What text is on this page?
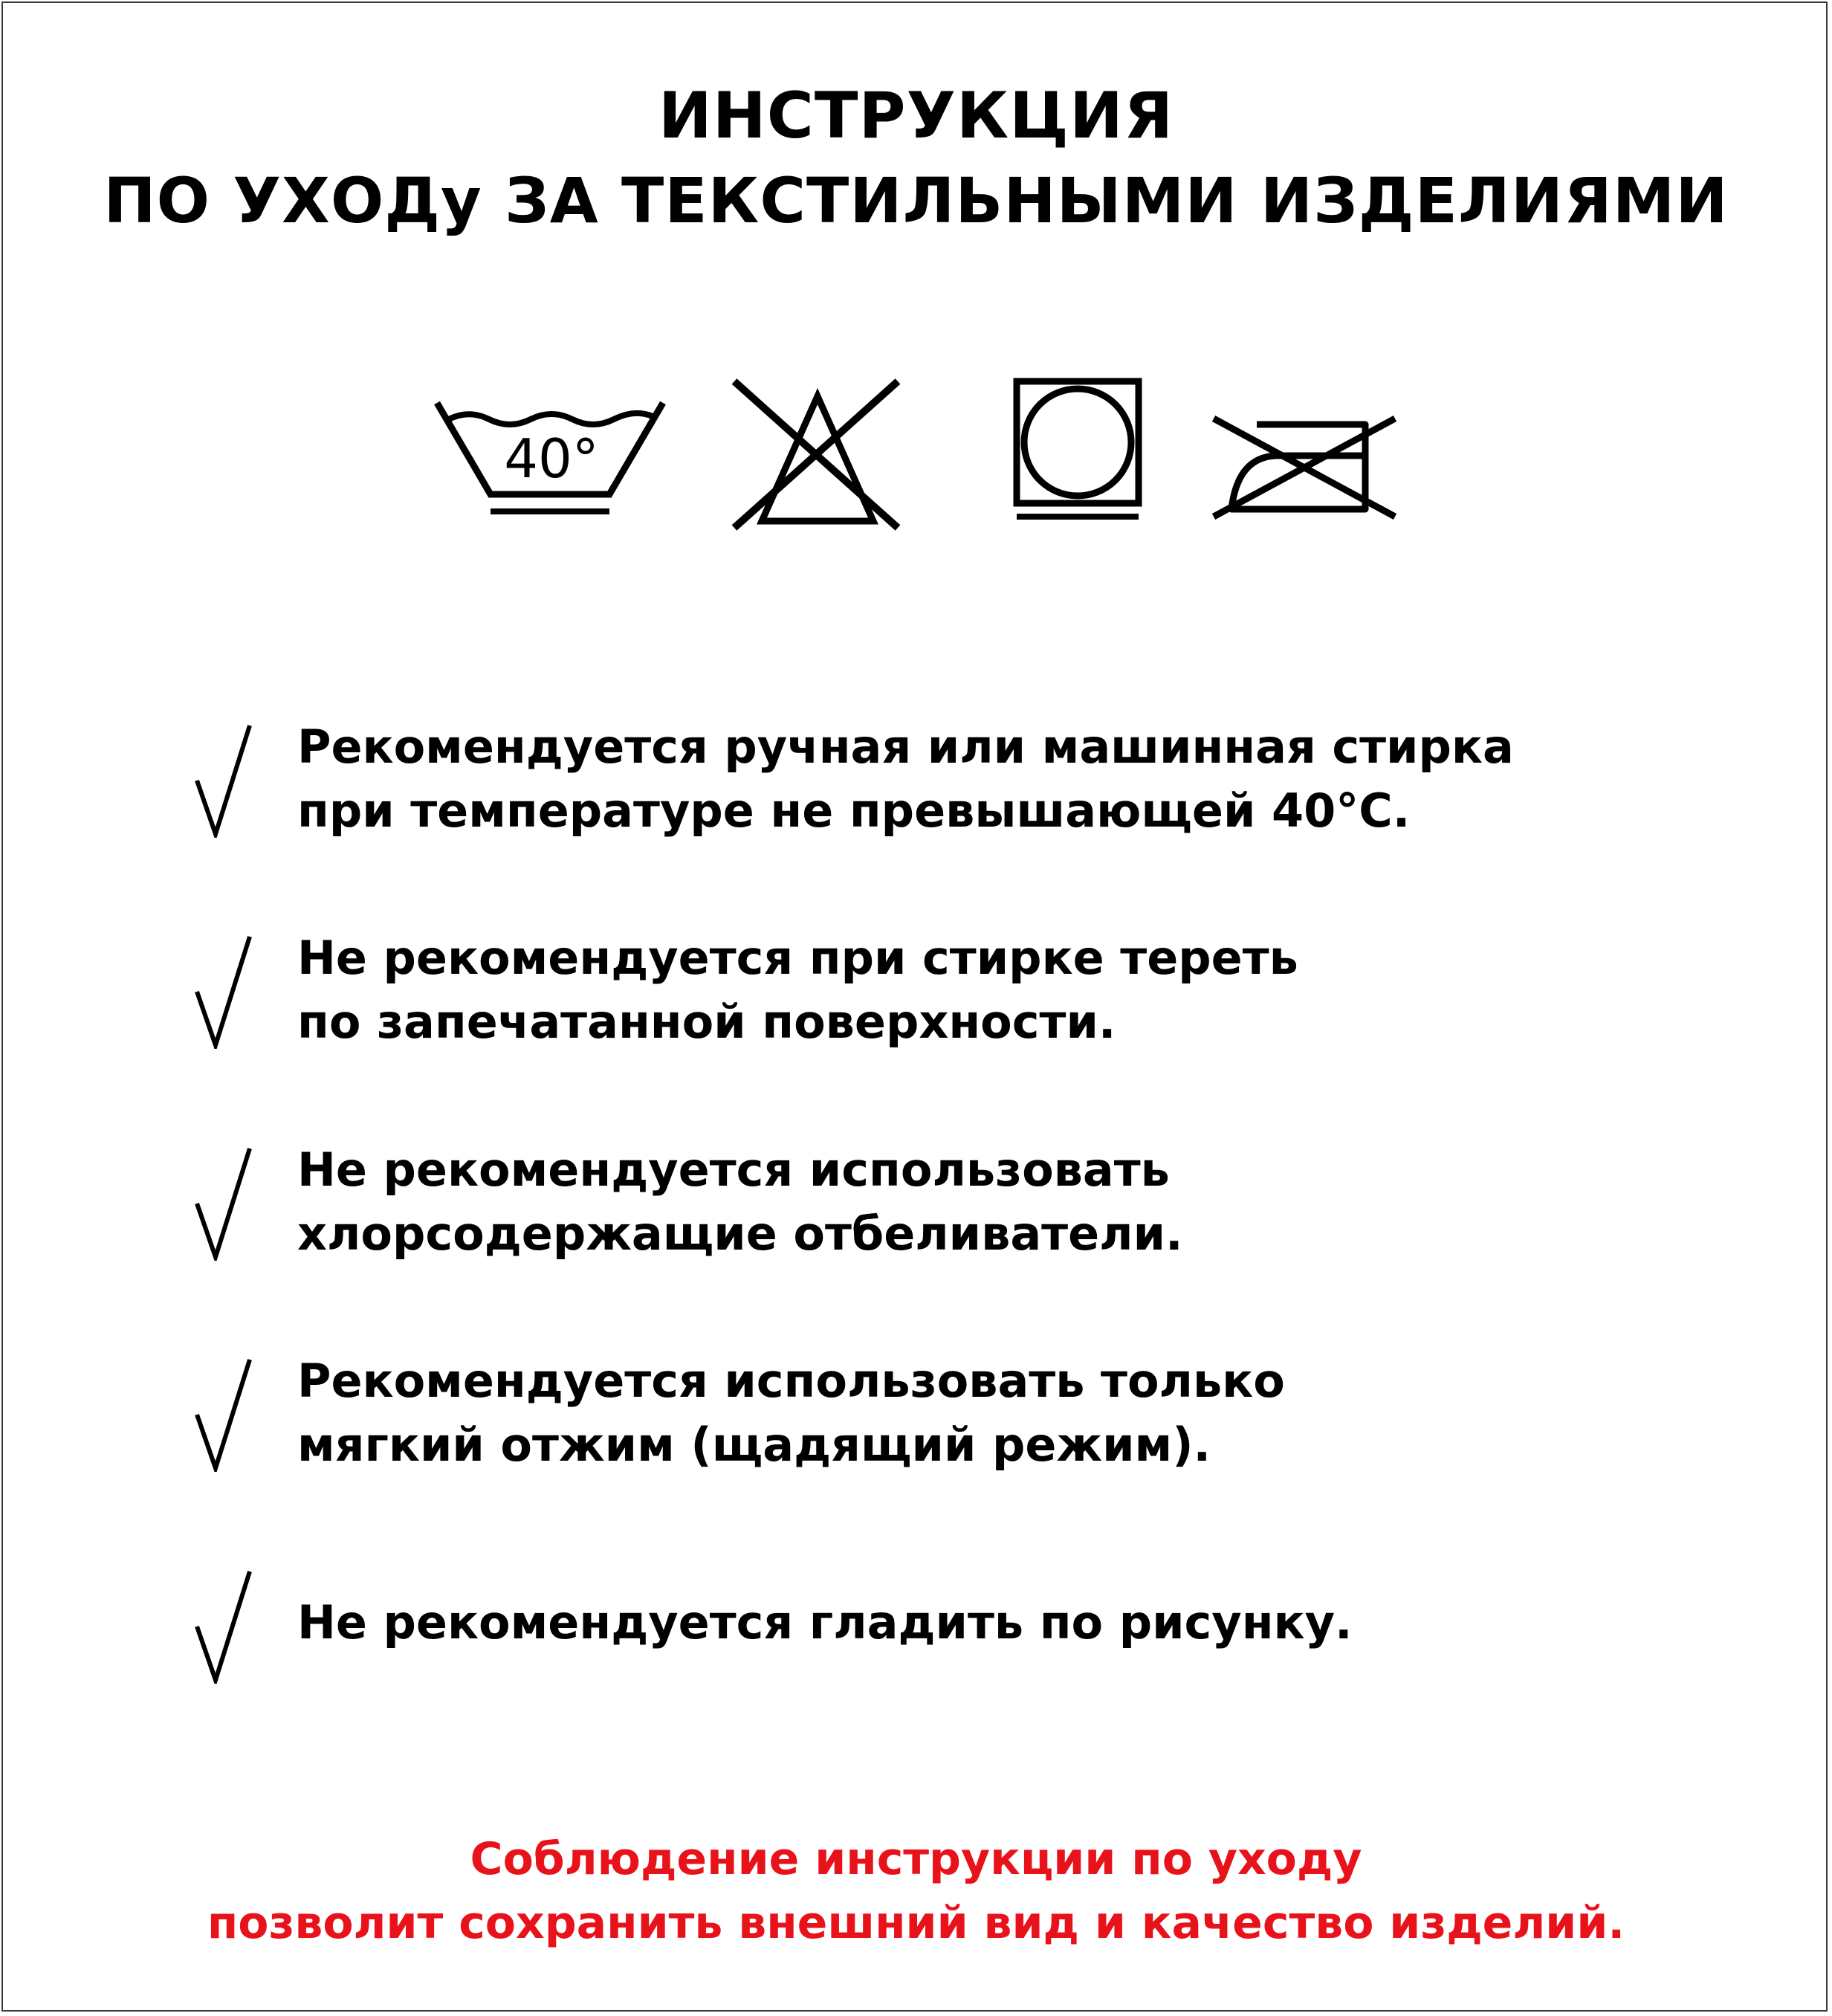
ИНСТРУКЦИЯ
ПО УХОДу ЗА ТЕКСТИЛЬНЫМИ ИЗДЕЛИЯМИ
40°
Рекомендуется ручная или машинная стирка
при температуре не превышающей 40°С.
Не рекомендуется при стирке тереть
по запечатанной поверхности.
Не рекомендуется использовать
хлорсодержащие отбеливатели.
Рекомендуется использовать только
мягкий отжим (щадящий режим).
Не рекомендуется гладить по рисунку.
Соблюдение инструкции по уходу
позволит сохранить внешний вид и качество изделий.
